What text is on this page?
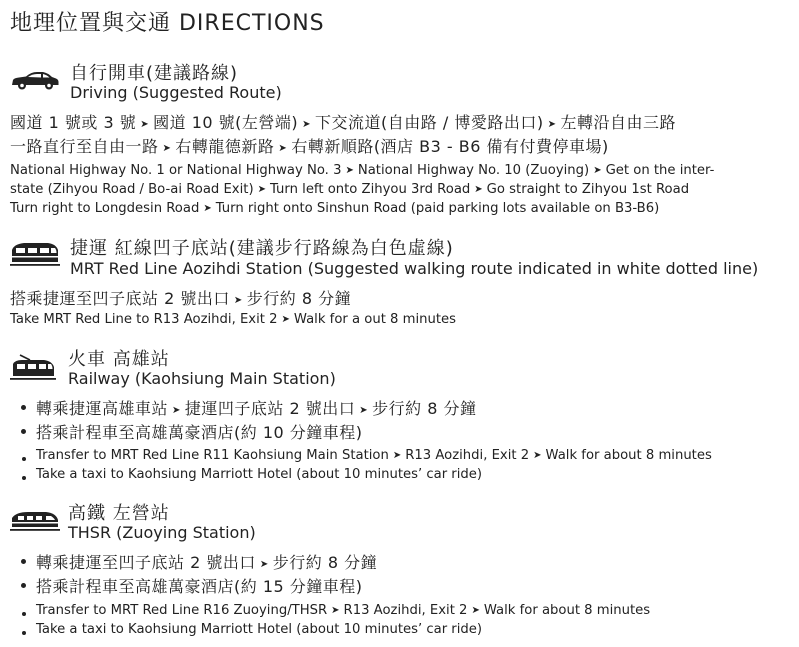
地理位置與交通 DIRECTIONS
自行開車(建議路線)
Driving (Suggested Route)
國道 1 號或 3 號 ➤ 國道 10 號(左營端) ➤ 下交流道(自由路 / 博愛路出口) ➤ 左轉沿自由三路
一路直行至自由一路 ➤ 右轉龍德新路 ➤ 右轉新順路(酒店 B3 - B6 備有付費停車場)
National Highway No. 1 or National Highway No. 3 ➤ National Highway No. 10 (Zuoying) ➤ Get on the inter-
state (Zihyou Road / Bo-ai Road Exit) ➤ Turn left onto Zihyou 3rd Road ➤ Go straight to Zihyou 1st Road
Turn right to Longdesin Road ➤ Turn right onto Sinshun Road (paid parking lots available on B3-B6)
捷運 紅線凹子底站(建議步行路線為白色虛線)
MRT Red Line Aozihdi Station (Suggested walking route indicated in white dotted line)
搭乘捷運至凹子底站 2 號出口 ➤ 步行約 8 分鐘
Take MRT Red Line to R13 Aozihdi, Exit 2 ➤ Walk for a out 8 minutes
火車 高雄站
Railway (Kaohsiung Main Station)
轉乘捷運高雄車站 ➤ 捷運凹子底站 2 號出口 ➤ 步行約 8 分鐘
搭乘計程車至高雄萬豪酒店(約 10 分鐘車程)
Transfer to MRT Red Line R11 Kaohsiung Main Station ➤ R13 Aozihdi, Exit 2 ➤ Walk for about 8 minutes
Take a taxi to Kaohsiung Marriott Hotel (about 10 minutes’ car ride)
高鐵 左營站
THSR (Zuoying Station)
轉乘捷運至凹子底站 2 號出口 ➤ 步行約 8 分鐘
搭乘計程車至高雄萬豪酒店(約 15 分鐘車程)
Transfer to MRT Red Line R16 Zuoying/THSR ➤ R13 Aozihdi, Exit 2 ➤ Walk for about 8 minutes
Take a taxi to Kaohsiung Marriott Hotel (about 10 minutes’ car ride)
